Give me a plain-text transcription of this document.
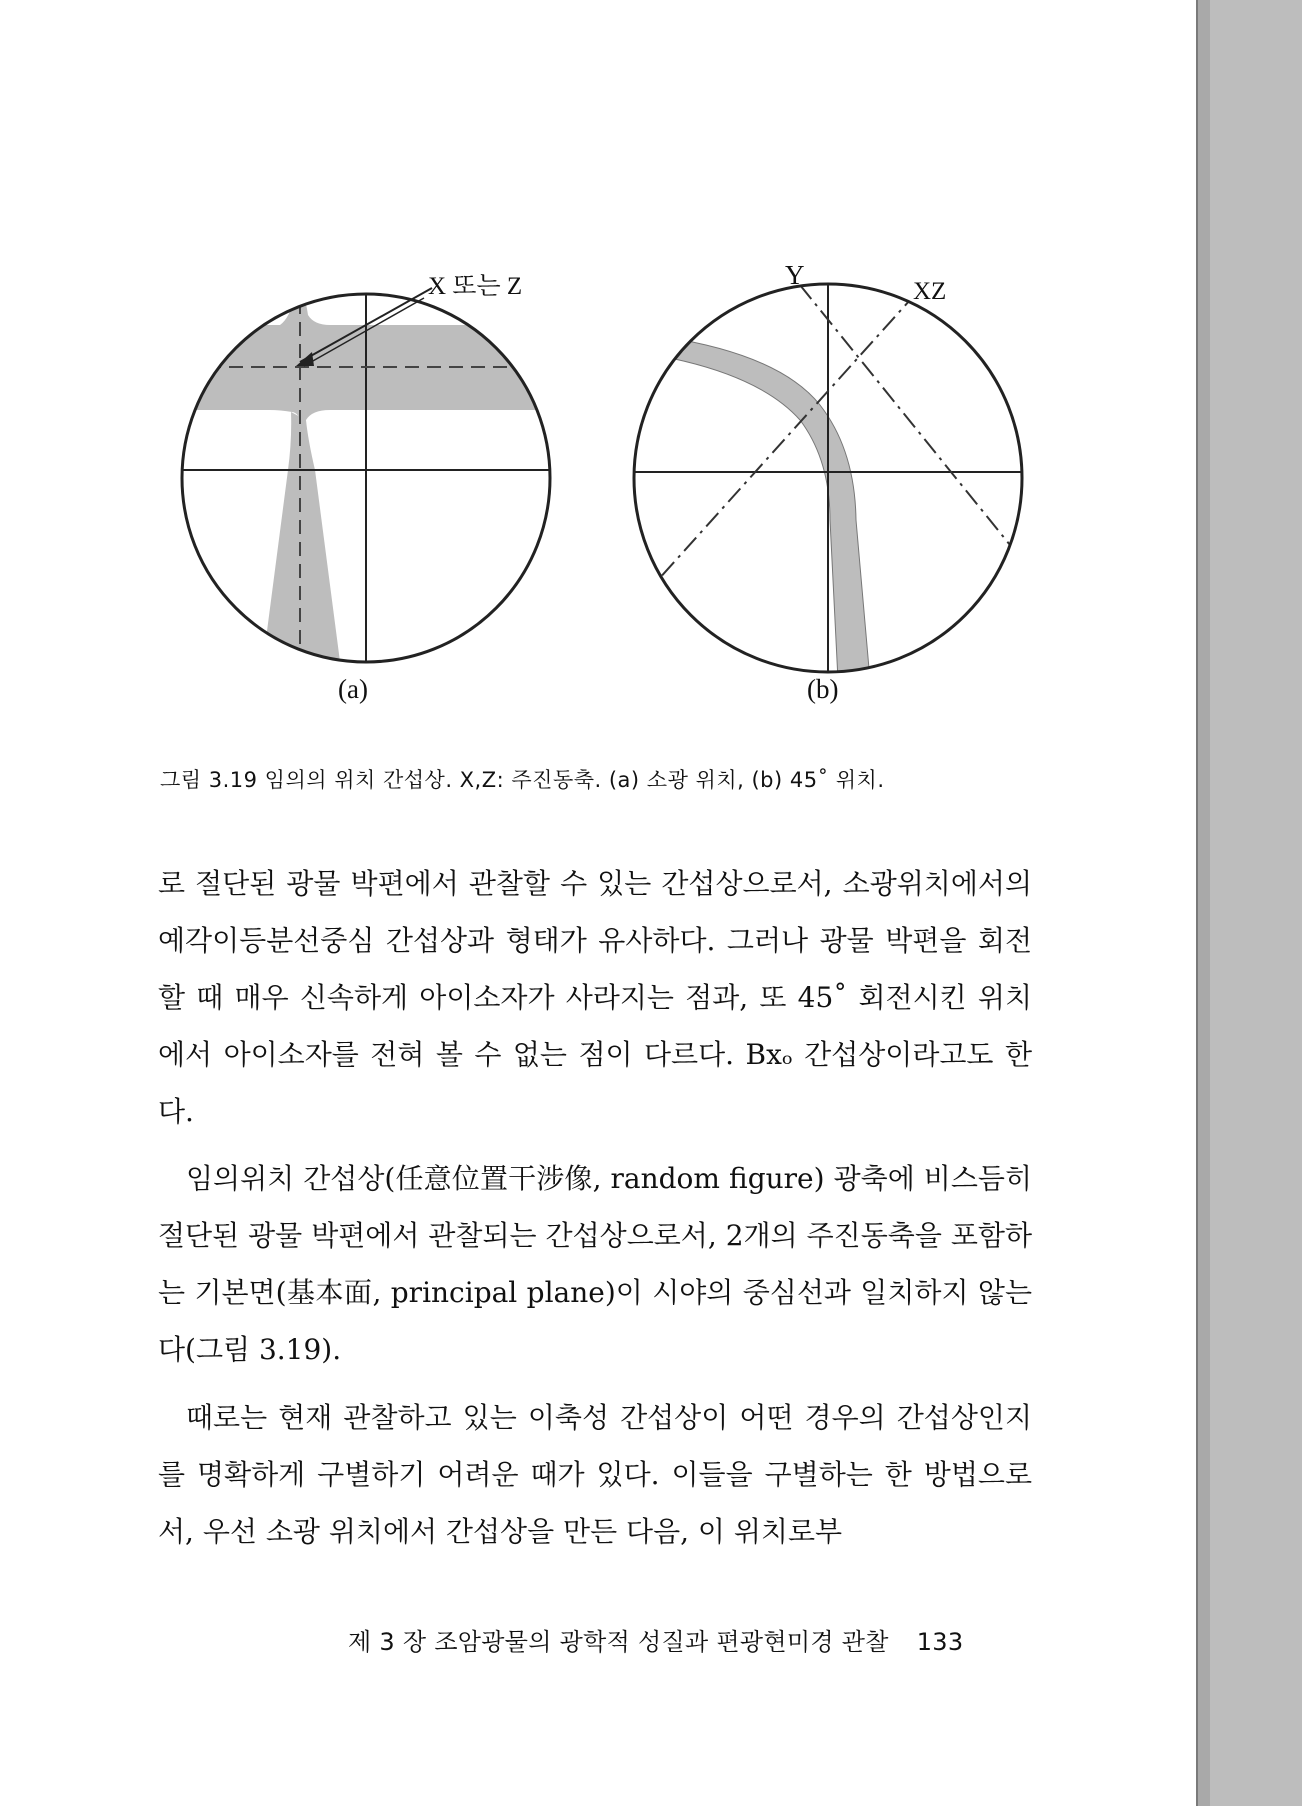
X 또는 Z	Y
XZ
(a)	(b)
그림 3.19 임의의 위치 간섭상. X,Z: 주진동축. (a) 소광 위치, (b) 45˚ 위치.

로 절단된 광물 박편에서 관찰할 수 있는 간섭상으로서, 소광위치에서의 예각이등분선중심 간섭상과 형태가 유사하다. 그러나 광물 박편을 회전할 때 매우 신속하게 아이소자가 사라지는 점과, 또 45˚ 회전시킨 위치에서 아이소자를 전혀 볼 수 없는 점이 다르다. Bxₒ 간섭상이라고도 한다.

임의위치 간섭상(任意位置干涉像, random figure) 광축에 비스듬히 절단된 광물 박편에서 관찰되는 간섭상으로서, 2개의 주진동축을 포함하는 기본면(基本面, principal plane)이 시야의 중심선과 일치하지 않는다(그림 3.19).

때로는 현재 관찰하고 있는 이축성 간섭상이 어떤 경우의 간섭상인지를 명확하게 구별하기 어려운 때가 있다. 이들을 구별하는 한 방법으로서, 우선 소광 위치에서 간섭상을 만든 다음, 이 위치로부

제 3 장 조암광물의 광학적 성질과 편광현미경 관찰 133
